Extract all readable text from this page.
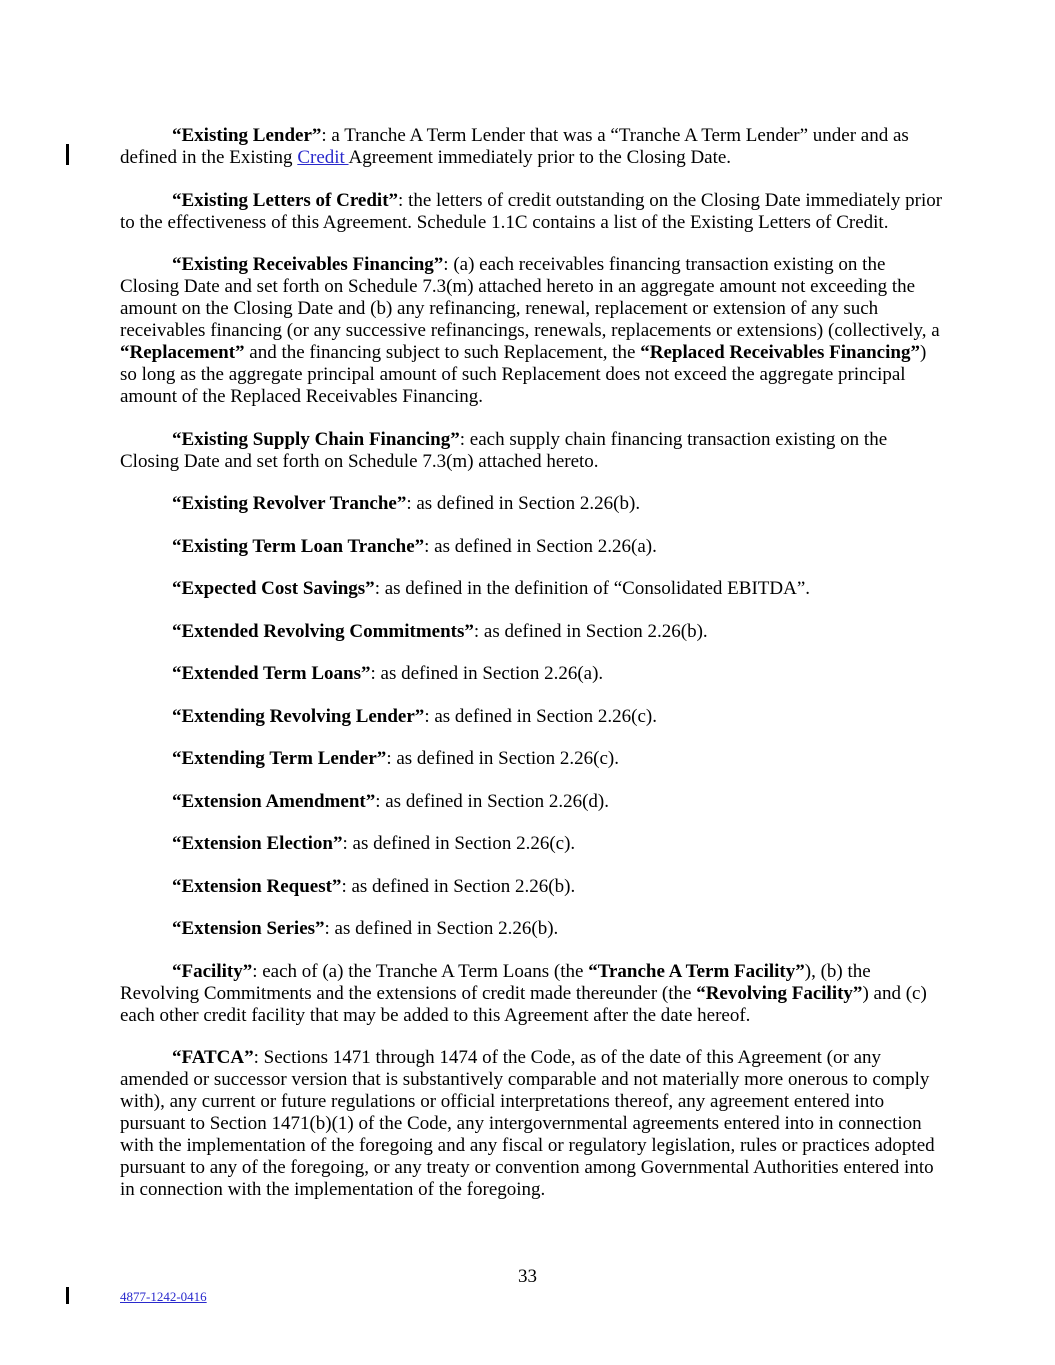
“Existing Lender”: a Tranche A Term Lender that was a “Tranche A Term Lender” under and as defined in the Existing Credit Agreement immediately prior to the Closing Date.

“Existing Letters of Credit”: the letters of credit outstanding on the Closing Date immediately prior to the effectiveness of this Agreement. Schedule 1.1C contains a list of the Existing Letters of Credit.

“Existing Receivables Financing”: (a) each receivables financing transaction existing on the Closing Date and set forth on Schedule 7.3(m) attached hereto in an aggregate amount not exceeding the amount on the Closing Date and (b) any refinancing, renewal, replacement or extension of any such receivables financing (or any successive refinancings, renewals, replacements or extensions) (collectively, a “Replacement” and the financing subject to such Replacement, the “Replaced Receivables Financing”) so long as the aggregate principal amount of such Replacement does not exceed the aggregate principal amount of the Replaced Receivables Financing.

“Existing Supply Chain Financing”: each supply chain financing transaction existing on the Closing Date and set forth on Schedule 7.3(m) attached hereto.

“Existing Revolver Tranche”: as defined in Section 2.26(b).

“Existing Term Loan Tranche”: as defined in Section 2.26(a).

“Expected Cost Savings”: as defined in the definition of “Consolidated EBITDA”.

“Extended Revolving Commitments”: as defined in Section 2.26(b).

“Extended Term Loans”: as defined in Section 2.26(a).

“Extending Revolving Lender”: as defined in Section 2.26(c).

“Extending Term Lender”: as defined in Section 2.26(c).

“Extension Amendment”: as defined in Section 2.26(d).

“Extension Election”: as defined in Section 2.26(c).

“Extension Request”: as defined in Section 2.26(b).

“Extension Series”: as defined in Section 2.26(b).

“Facility”: each of (a) the Tranche A Term Loans (the “Tranche A Term Facility”), (b) the Revolving Commitments and the extensions of credit made thereunder (the “Revolving Facility”) and (c) each other credit facility that may be added to this Agreement after the date hereof.

“FATCA”: Sections 1471 through 1474 of the Code, as of the date of this Agreement (or any amended or successor version that is substantively comparable and not materially more onerous to comply with), any current or future regulations or official interpretations thereof, any agreement entered into pursuant to Section 1471(b)(1) of the Code, any intergovernmental agreements entered into in connection with the implementation of the foregoing and any fiscal or regulatory legislation, rules or practices adopted pursuant to any of the foregoing, or any treaty or convention among Governmental Authorities entered into in connection with the implementation of the foregoing.

33
4877-1242-0416
